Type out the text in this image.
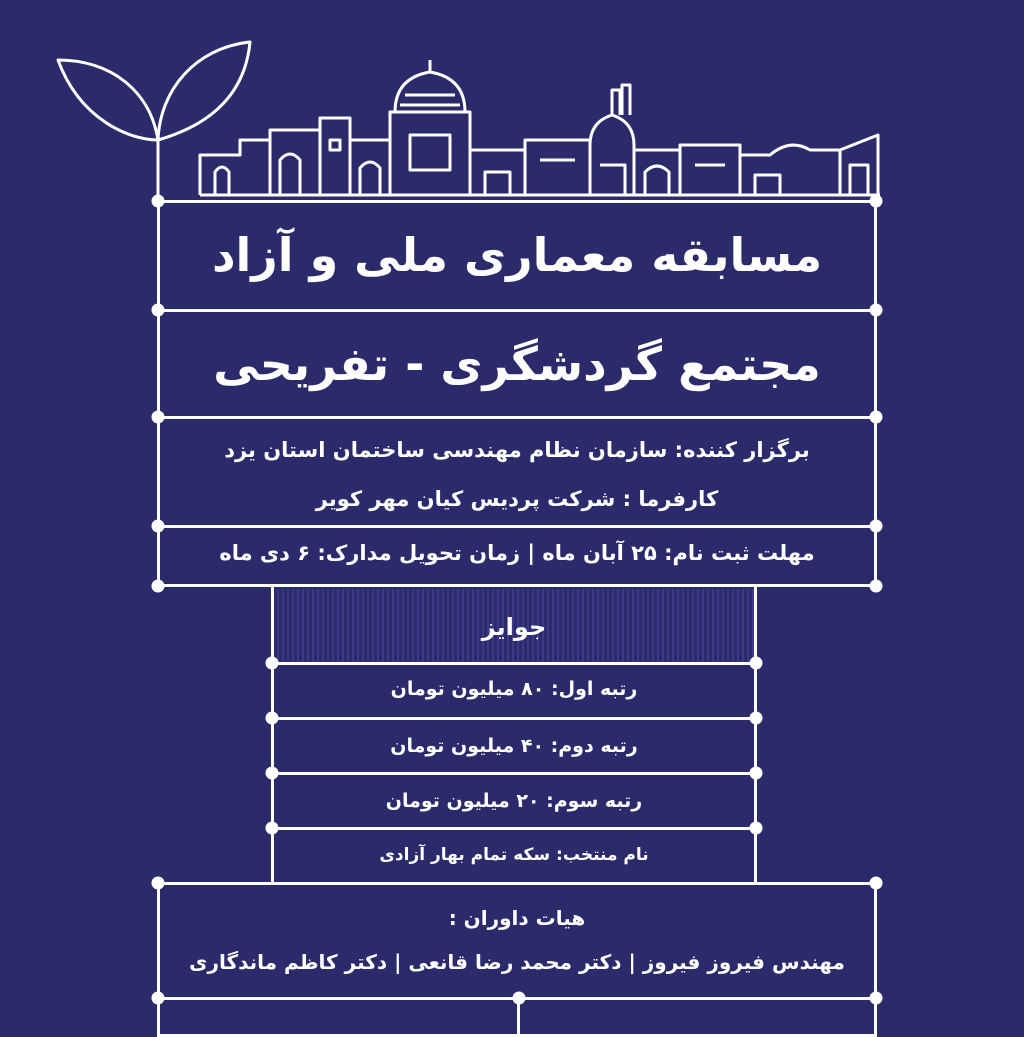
مسابقه معماری ملی و آزاد
مجتمع گردشگری - تفریحی
برگزار کننده: سازمان نظام مهندسی ساختمان استان یزد
کارفرما : شرکت پردیس کیان مهر کویر
مهلت ثبت نام: ۲۵ آبان ماه | زمان تحویل مدارک: ۶ دی ماه
جوایز
رتبه اول: ۸۰ میلیون تومان
رتبه دوم: ۴۰ میلیون تومان
رتبه سوم: ۲۰ میلیون تومان
نام منتخب: سکه تمام بهار آزادی
هیات داوران :
مهندس فیروز فیروز | دکتر محمد رضا قانعی | دکتر کاظم ماندگاری
